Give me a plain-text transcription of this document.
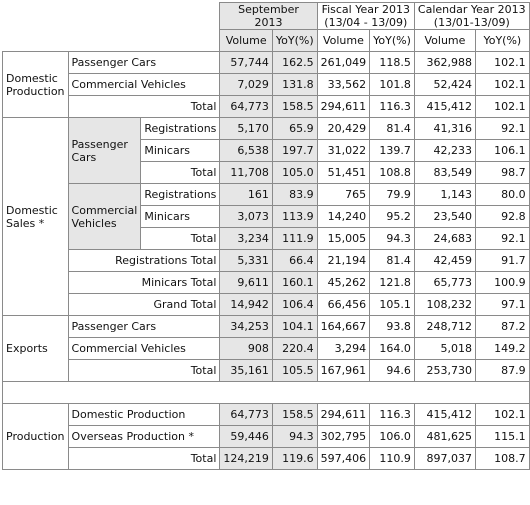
			September
2013		Fiscal Year 2013
(13/04 - 13/09)		Calendar Year 2013
(13/01-13/09)	
			Volume	YoY(%)	Volume	YoY(%)	Volume	YoY(%)
Domestic Production	Passenger Cars		57,744	162.5	261,049	118.5	362,988	102.1
	Commercial Vehicles		7,029	131.8	33,562	101.8	52,424	102.1
	Total		64,773	158.5	294,611	116.3	415,412	102.1
Domestic Sales *	Passenger Cars	Registrations	5,170	65.9	20,429	81.4	41,316	92.1
		Minicars	6,538	197.7	31,022	139.7	42,233	106.1
		Total	11,708	105.0	51,451	108.8	83,549	98.7
	Commercial Vehicles	Registrations	161	83.9	765	79.9	1,143	80.0
		Minicars	3,073	113.9	14,240	95.2	23,540	92.8
		Total	3,234	111.9	15,005	94.3	24,683	92.1
	Registrations Total		5,331	66.4	21,194	81.4	42,459	91.7
	Minicars Total		9,611	160.1	45,262	121.8	65,773	100.9
	Grand Total		14,942	106.4	66,456	105.1	108,232	97.1
Exports	Passenger Cars		34,253	104.1	164,667	93.8	248,712	87.2
	Commercial Vehicles		908	220.4	3,294	164.0	5,018	149.2
	Total		35,161	105.5	167,961	94.6	253,730	87.9

Production	Domestic Production		64,773	158.5	294,611	116.3	415,412	102.1
	Overseas Production *		59,446	94.3	302,795	106.0	481,625	115.1
	Total		124,219	119.6	597,406	110.9	897,037	108.7
